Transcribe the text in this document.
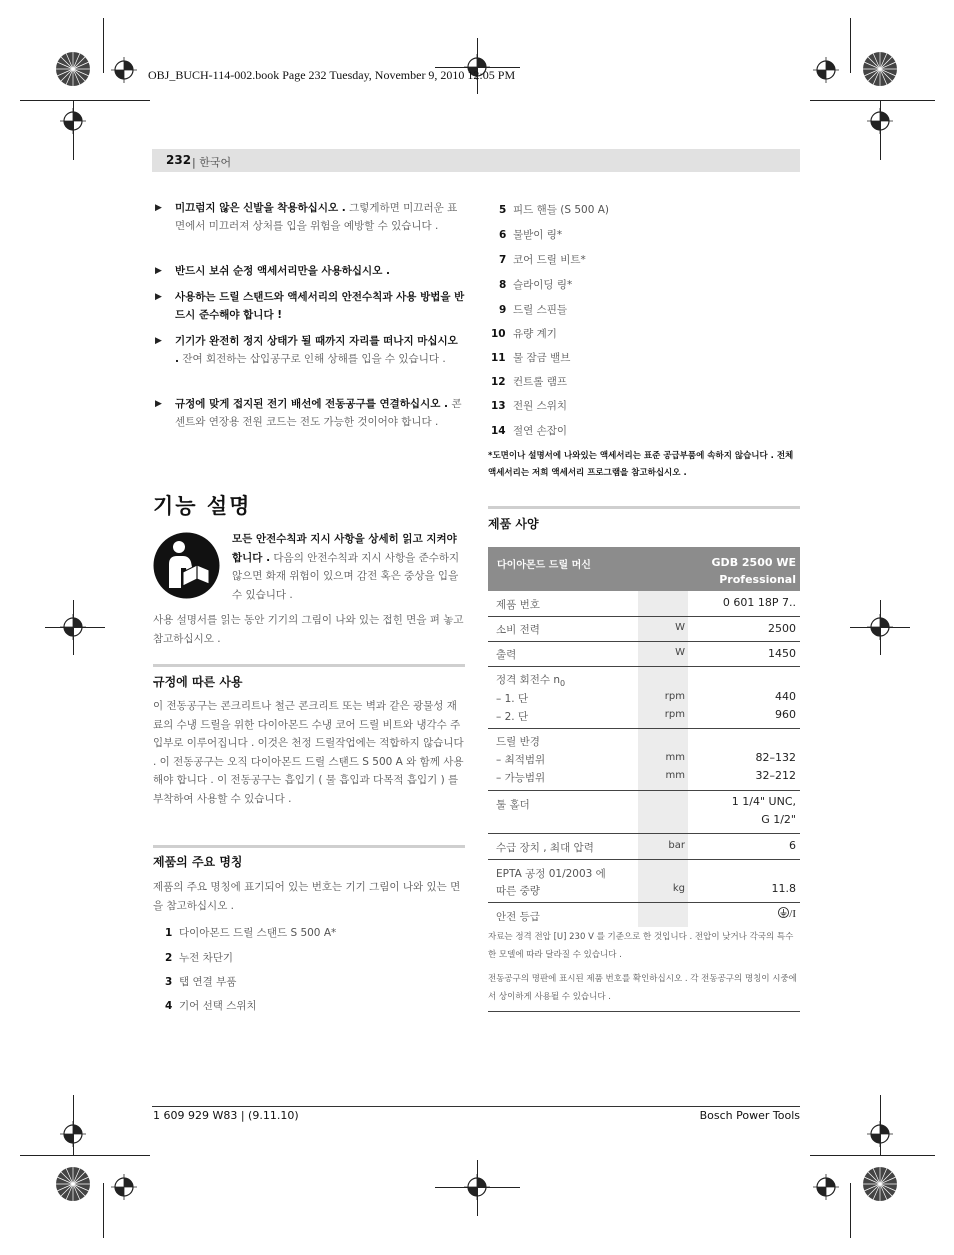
OBJ_BUCH-114-002.book Page 232 Tuesday, November 9, 2010 12:05 PM
232 | 한국어
▶ 미끄럼지 않은 신발을 착용하십시오 . 그렇게하면 미끄러운 표면에서 미끄러져 상처를 입을 위험을 예방할 수 있습니다 .
▶ 반드시 보쉬 순정 액세서리만을 사용하십시오 .
▶ 사용하는 드릴 스탠드와 액세서리의 안전수칙과 사용 방법을 반드시 준수해야 합니다 !
▶ 기기가 완전히 정지 상태가 될 때까지 자리를 떠나지 마십시오 . 잔여 회전하는 삽입공구로 인해 상해를 입을 수 있습니다 .
▶ 규정에 맞게 접지된 전기 배선에 전동공구를 연결하십시오 . 콘센트와 연장용 전원 코드는 전도 가능한 것이어야 합니다 .
기능 설명
모든 안전수칙과 지시 사항을 상세히 읽고 지켜야 합니다 . 다음의 안전수칙과 지시 사항을 준수하지 않으면 화재 위험이 있으며 감전 혹은 중상을 입을 수 있습니다 .
사용 설명서를 읽는 동안 기기의 그림이 나와 있는 접힌 면을 펴 놓고 참고하십시오 .
규정에 따른 사용
이 전동공구는 콘크리트나 철근 콘크리트 또는 벽과 같은 광물성 재료의 수냉 드릴을 위한 다이아몬드 수냉 코어 드릴 비트와 냉각수 주입부로 이루어집니다 . 이것은 천정 드릴작업에는 적합하지 않습니다 . 이 전동공구는 오직 다이아몬드 드릴 스탠드 S 500 A 와 함께 사용해야 합니다 . 이 전동공구는 흡입기 ( 물 흡입과 다목적 흡입기 ) 를 부착하여 사용할 수 있습니다 .
제품의 주요 명칭
제품의 주요 명칭에 표기되어 있는 번호는 기기 그림이 나와 있는 면을 참고하십시오 .
1 다이아몬드 드릴 스탠드 S 500 A*
2 누전 차단기
3 탭 연결 부품
4 기어 선택 스위치
5 피드 핸들 (S 500 A)
6 물받이 링*
7 코어 드릴 비트*
8 슬라이딩 링*
9 드릴 스핀들
10 유량 계기
11 물 잠금 밸브
12 컨트롤 램프
13 전원 스위치
14 절연 손잡이
*도면이나 설명서에 나와있는 액세서리는 표준 공급부품에 속하지 않습니다 . 전체 액세서리는 저희 액세서리 프로그램을 참고하십시오 .
제품 사양
다이아몬드 드릴 머신	GDB 2500 WE
Professional
제품 번호	0 601 18P 7..
소비 전력	W	2500
출력	W	1450
정격 회전수 $n_0$
– 1. 단	rpm	440
– 2. 단	rpm	960
드릴 반경
– 최적범위	mm	82–132
– 가능범위	mm	32–212
툴 홀더	1 1/4" UNC,
G 1/2"
수급 장치 , 최대 압력	bar	6
EPTA 공정 01/2003 에
따른 중량	kg	11.8
안전 등급	/I

자료는 정격 전압 [U] 230 V 를 기준으로 한 것입니다 . 전압이 낮거나 각국의 특수한 모델에 따라 달라질 수 있습니다 .

전동공구의 명판에 표시된 제품 번호를 확인하십시오 . 각 전동공구의 명칭이 시중에서 상이하게 사용될 수 있습니다 .

1 609 929 W83 | (9.11.10)	Bosch Power Tools
